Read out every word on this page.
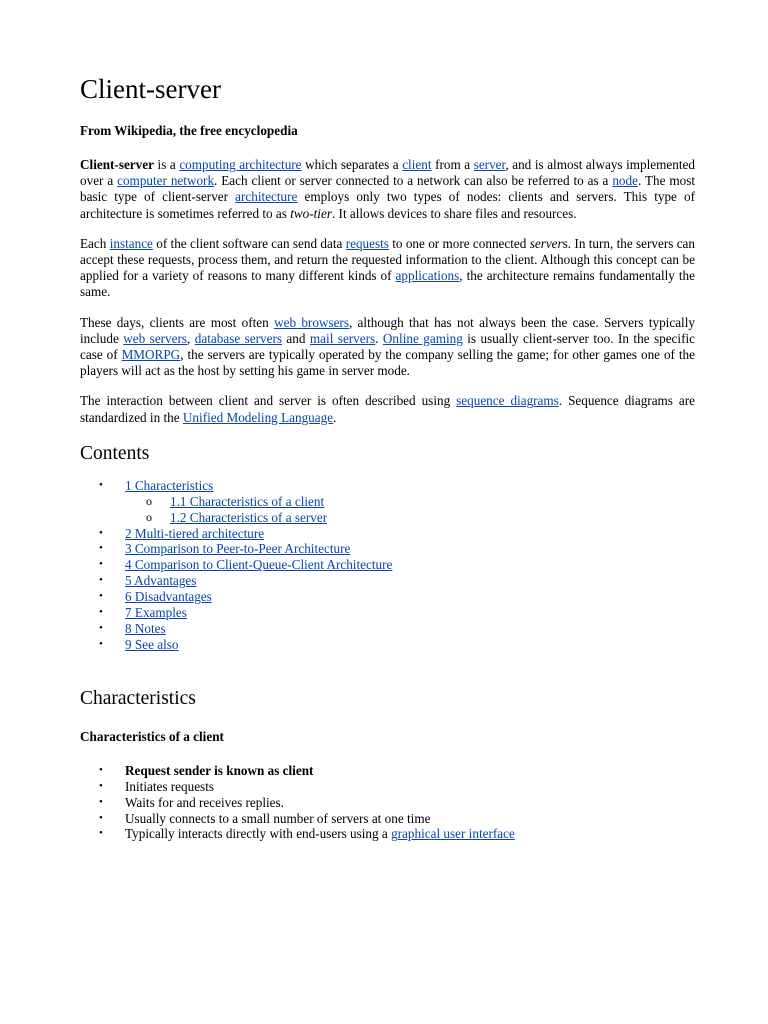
Client-server
From Wikipedia, the free encyclopedia

Client-server is a computing architecture which separates a client from a server, and is almost always implemented over a computer network. Each client or server connected to a network can also be referred to as a node. The most basic type of client-server architecture employs only two types of nodes: clients and servers. This type of architecture is sometimes referred to as two-tier. It allows devices to share files and resources.

Each instance of the client software can send data requests to one or more connected servers. In turn, the servers can accept these requests, process them, and return the requested information to the client. Although this concept can be applied for a variety of reasons to many different kinds of applications, the architecture remains fundamentally the same.

These days, clients are most often web browsers, although that has not always been the case. Servers typically include web servers, database servers and mail servers. Online gaming is usually client-server too. In the specific case of MMORPG, the servers are typically operated by the company selling the game; for other games one of the players will act as the host by setting his game in server mode.

The interaction between client and server is often described using sequence diagrams. Sequence diagrams are standardized in the Unified Modeling Language.

Contents
• 1 Characteristics
o 1.1 Characteristics of a client
o 1.2 Characteristics of a server
• 2 Multi-tiered architecture
• 3 Comparison to Peer-to-Peer Architecture
• 4 Comparison to Client-Queue-Client Architecture
• 5 Advantages
• 6 Disadvantages
• 7 Examples
• 8 Notes
• 9 See also
Characteristics
Characteristics of a client
• Request sender is known as client
• Initiates requests
• Waits for and receives replies.
• Usually connects to a small number of servers at one time
• Typically interacts directly with end-users using a graphical user interface
